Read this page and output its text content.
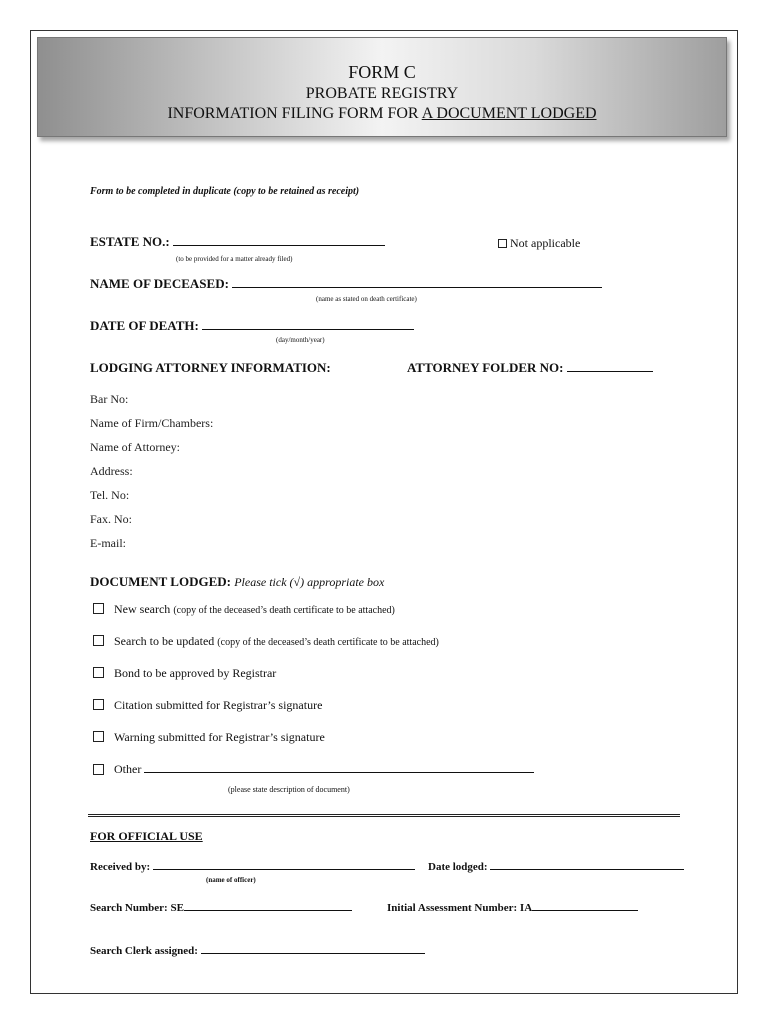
FORM C
PROBATE REGISTRY
INFORMATION FILING FORM FOR A DOCUMENT LODGED
Form to be completed in duplicate (copy to be retained as receipt)
ESTATE NO.:
(to be provided for a matter already filed)
Not applicable
NAME OF DECEASED:
(name as stated on death certificate)
DATE OF DEATH:
(day/month/year)
LODGING ATTORNEY INFORMATION:	ATTORNEY FOLDER NO:
Bar No:
Name of Firm/Chambers:
Name of Attorney:
Address:
Tel. No:
Fax. No:
E-mail:
DOCUMENT LODGED: Please tick (√) appropriate box
New search (copy of the deceased’s death certificate to be attached)
Search to be updated (copy of the deceased’s death certificate to be attached)
Bond to be approved by Registrar
Citation submitted for Registrar’s signature
Warning submitted for Registrar’s signature
Other
(please state description of document)
FOR OFFICIAL USE
Received by:
(name of officer)
Date lodged:
Search Number: SE	Initial Assessment Number: IA
Search Clerk assigned:
